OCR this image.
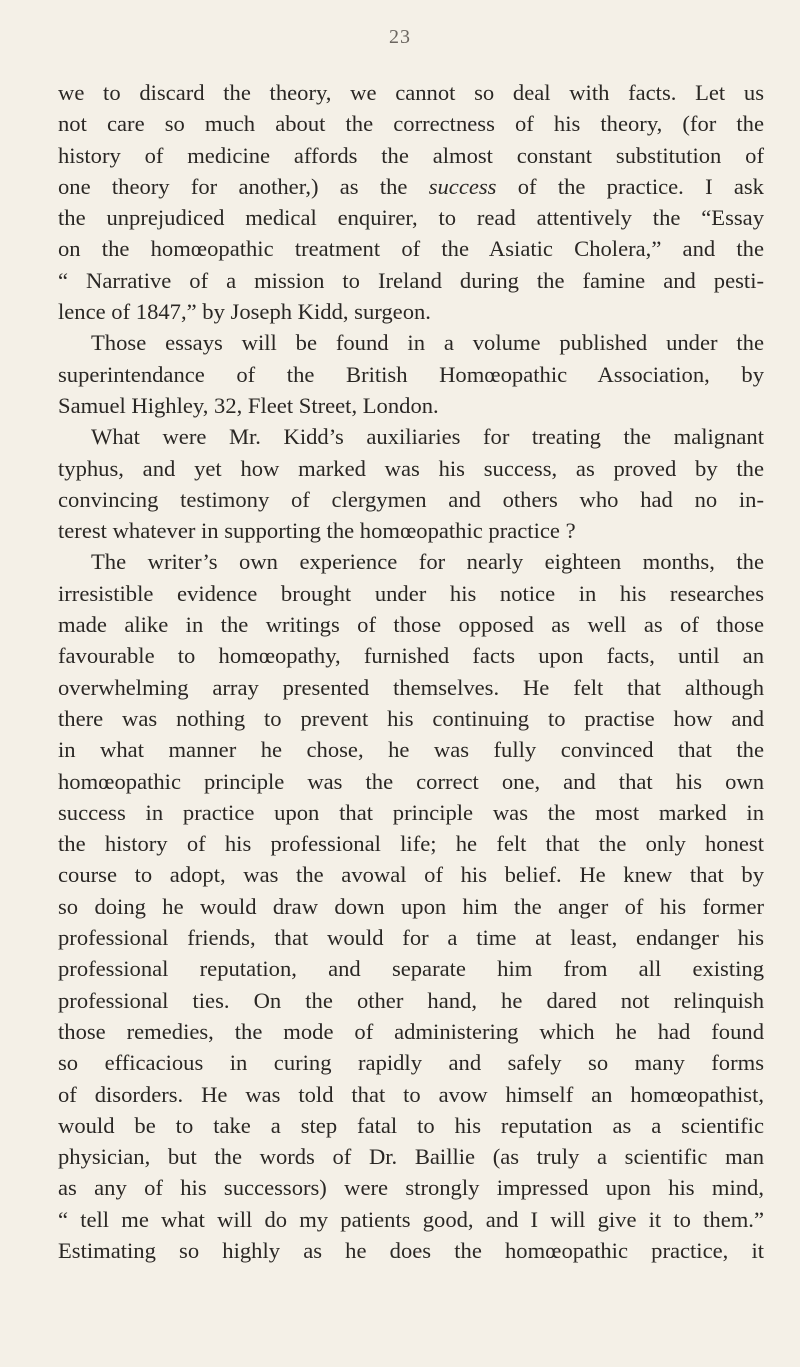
23
we to discard the theory, we cannot so deal with facts. Let us
not care so much about the correctness of his theory, (for the
history of medicine affords the almost constant substitution of
one theory for another,) as the success of the practice. I ask
the unprejudiced medical enquirer, to read attentively the “Essay
on the homœopathic treatment of the Asiatic Cholera,” and the
“ Narrative of a mission to Ireland during the famine and pesti-
lence of 1847,” by Joseph Kidd, surgeon.
Those essays will be found in a volume published under the
superintendance of the British Homœopathic Association, by
Samuel Highley, 32, Fleet Street, London.
What were Mr. Kidd’s auxiliaries for treating the malignant
typhus, and yet how marked was his success, as proved by the
convincing testimony of clergymen and others who had no in-
terest whatever in supporting the homœopathic practice ?
The writer’s own experience for nearly eighteen months, the
irresistible evidence brought under his notice in his researches
made alike in the writings of those opposed as well as of those
favourable to homœopathy, furnished facts upon facts, until an
overwhelming array presented themselves. He felt that although
there was nothing to prevent his continuing to practise how and
in what manner he chose, he was fully convinced that the
homœopathic principle was the correct one, and that his own
success in practice upon that principle was the most marked in
the history of his professional life; he felt that the only honest
course to adopt, was the avowal of his belief. He knew that by
so doing he would draw down upon him the anger of his former
professional friends, that would for a time at least, endanger his
professional reputation, and separate him from all existing
professional ties. On the other hand, he dared not relinquish
those remedies, the mode of administering which he had found
so efficacious in curing rapidly and safely so many forms
of disorders. He was told that to avow himself an homœopathist,
would be to take a step fatal to his reputation as a scientific
physician, but the words of Dr. Baillie (as truly a scientific man
as any of his successors) were strongly impressed upon his mind,
“ tell me what will do my patients good, and I will give it to them.”
Estimating so highly as he does the homœopathic practice, it
